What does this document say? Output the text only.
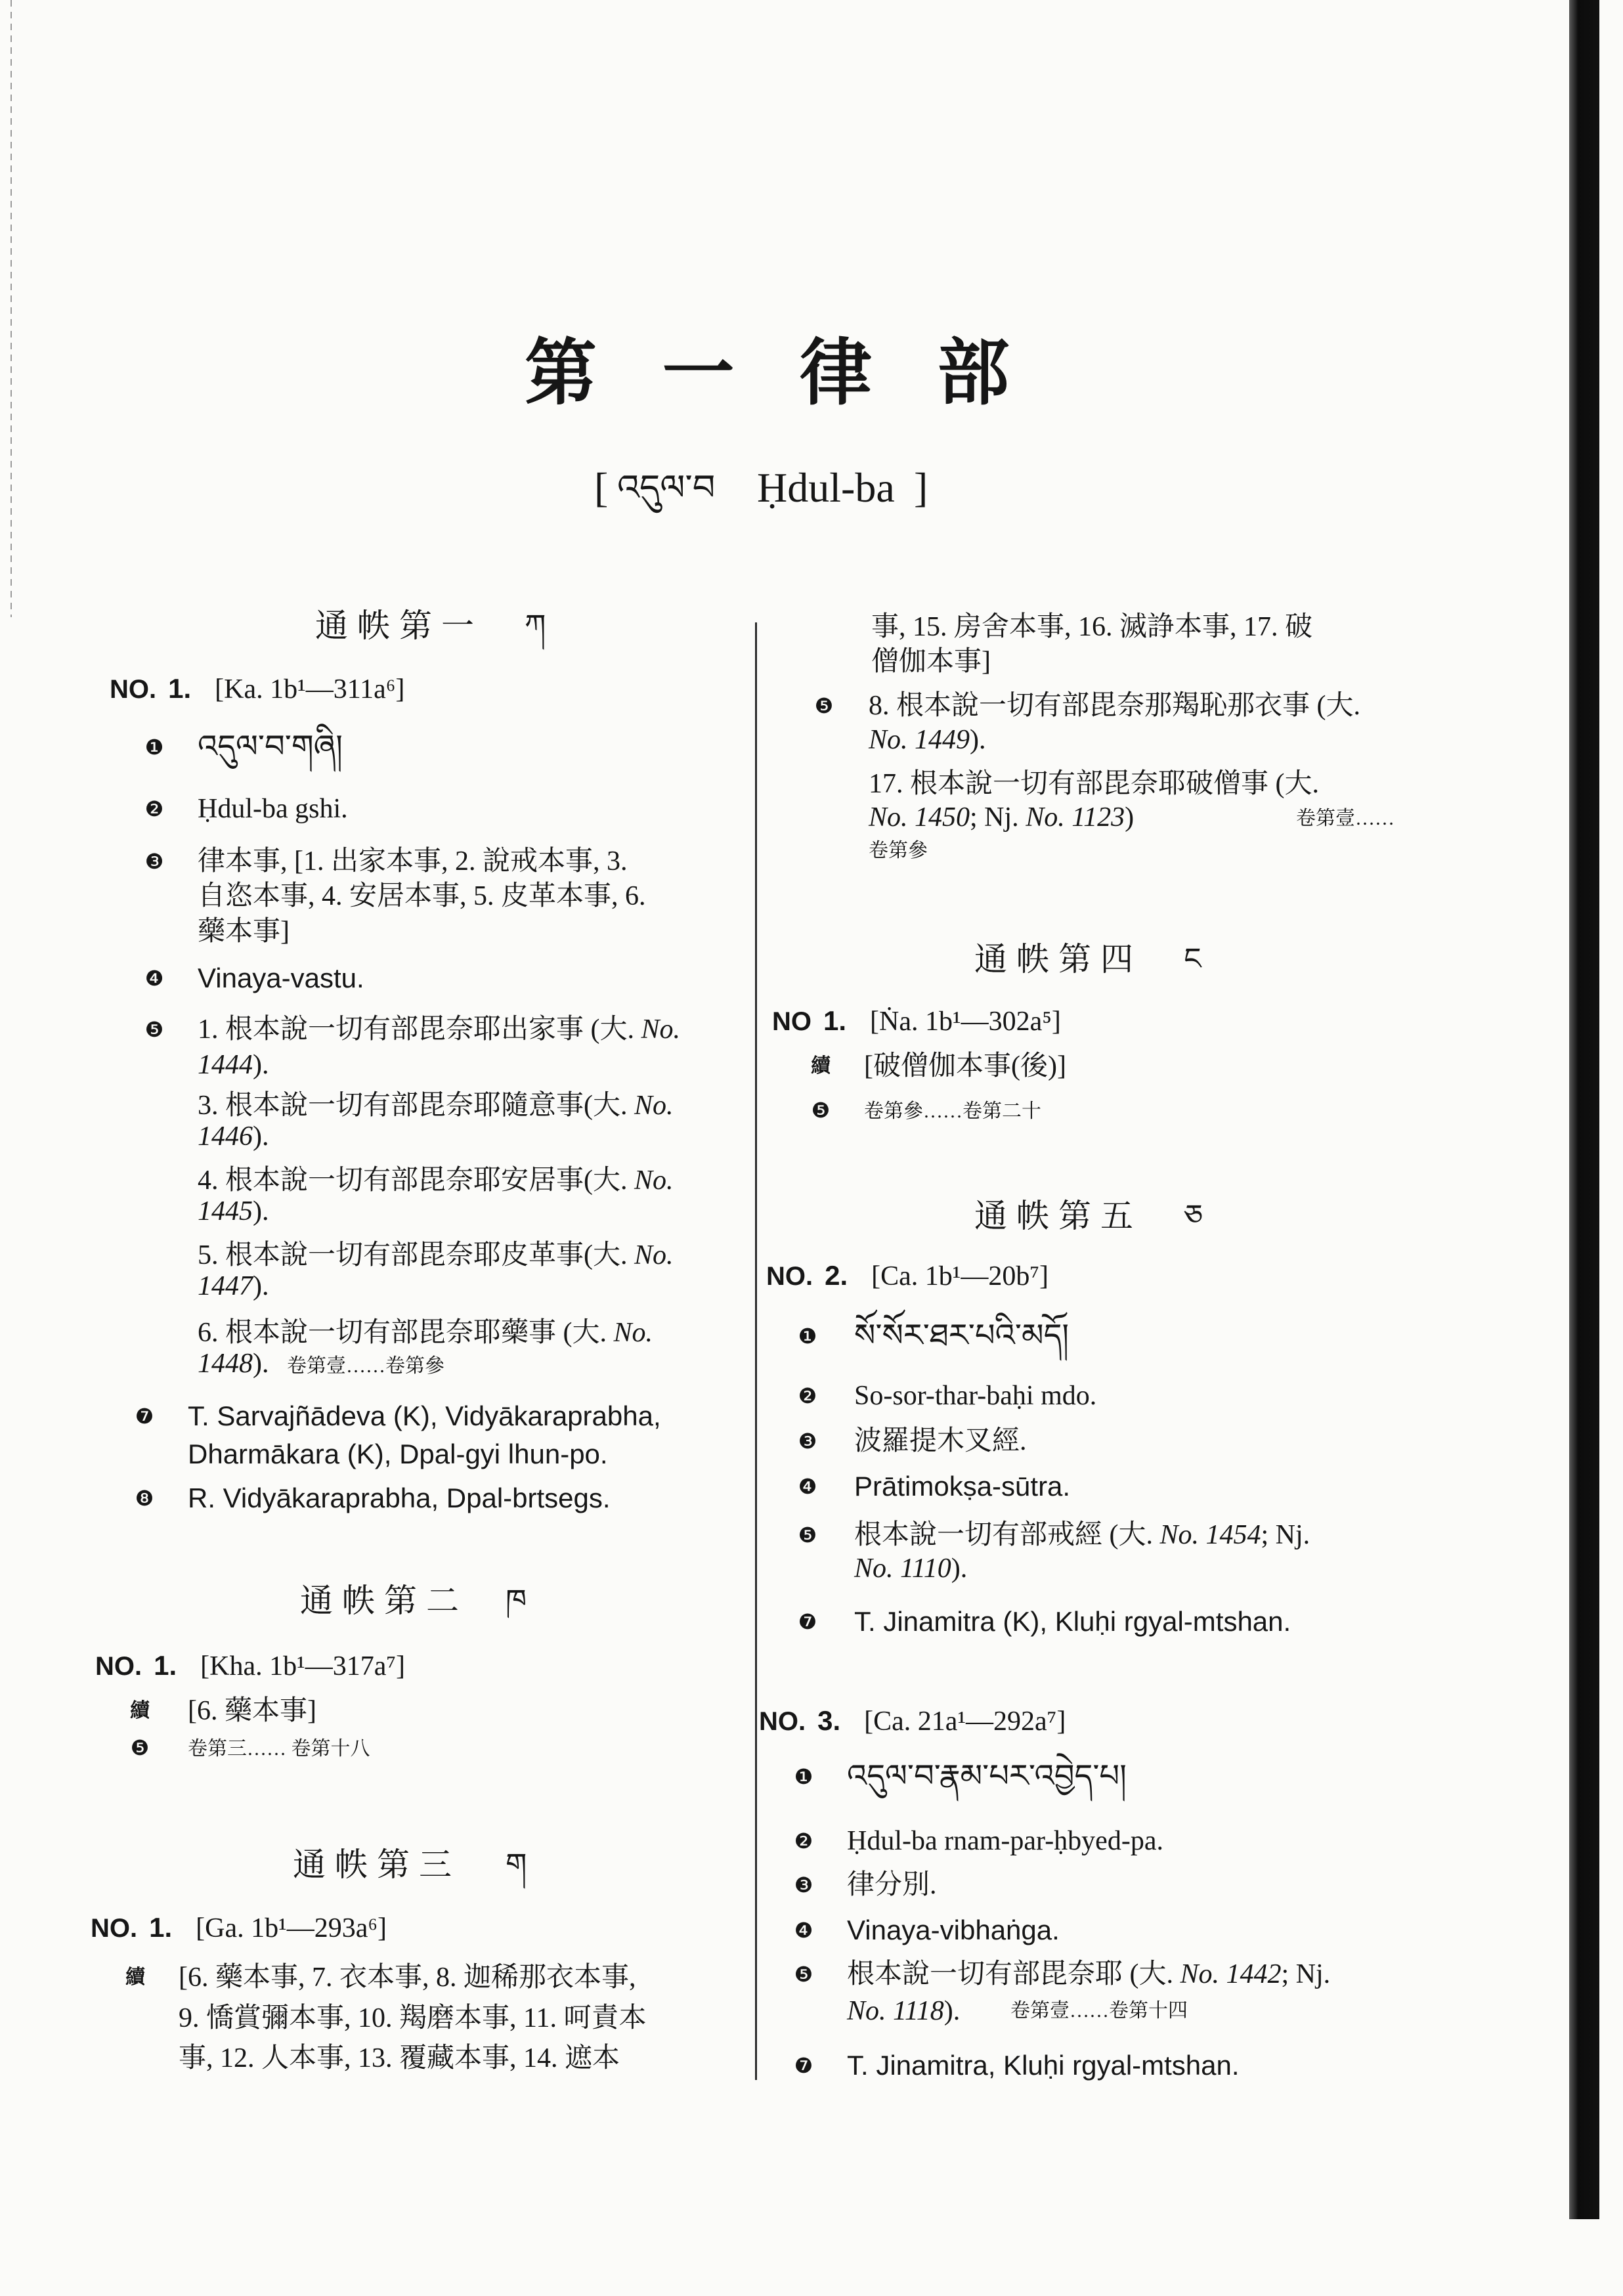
第 一 律 部
[ འདུལ་བ Ḥdul-ba ]
通帙第一 ཀ
NO. 1. [Ka. 1b¹—311a⁶]
❶ འདུལ་བ་གཞི།
❷ Ḥdul-ba gshi.
❸ 律本事, [1. 出家本事, 2. 說戒本事, 3.
自恣本事, 4. 安居本事, 5. 皮革本事, 6.
藥本事]
❹ Vinaya-vastu.
❺ 1. 根本說一切有部毘奈耶出家事 (大. No.
1444).
3. 根本說一切有部毘奈耶隨意事(大. No.
1446).
4. 根本說一切有部毘奈耶安居事(大. No.
1445).
5. 根本說一切有部毘奈耶皮革事(大. No.
1447).
6. 根本說一切有部毘奈耶藥事 (大. No.
1448). 卷第壹……卷第參
❼ T. Sarvajñādeva (K), Vidyākaraprabha,
Dharmākara (K), Dpal-gyi lhun-po.
❽ R. Vidyākaraprabha, Dpal-brtsegs.
通帙第二 ཁ
NO. 1. [Kha. 1b¹—317a⁷]
續 [6. 藥本事]
❺ 卷第三…… 卷第十八
通帙第三 ག
NO. 1. [Ga. 1b¹—293a⁶]
續 [6. 藥本事, 7. 衣本事, 8. 迦稀那衣本事,
9. 憍賞彌本事, 10. 羯磨本事, 11. 呵責本
事, 12. 人本事, 13. 覆藏本事, 14. 遮本
事, 15. 房舍本事, 16. 滅諍本事, 17. 破
僧伽本事]
❺ 8. 根本說一切有部毘奈那羯恥那衣事 (大.
No. 1449).
17. 根本說一切有部毘奈耶破僧事 (大.
No. 1450; Nj. No. 1123)	卷第壹……
卷第參
通帙第四 ང
NO 1. [Ṅa. 1b¹—302a⁵]
續 [破僧伽本事(後)]
❺ 卷第參……卷第二十
通帙第五 ཅ
NO. 2. [Ca. 1b¹—20b⁷]
❶ སོ་སོར་ཐར་པའི་མདོ།
❷ So-sor-thar-baḥi mdo.
❸ 波羅提木叉經.
❹ Prātimokṣa-sūtra.
❺ 根本說一切有部戒經 (大. No. 1454; Nj.
No. 1110).
❼ T. Jinamitra (K), Kluḥi rgyal-mtshan.
NO. 3. [Ca. 21a¹—292a⁷]
❶ འདུལ་བ་རྣམ་པར་འབྱེད་པ།
❷ Ḥdul-ba rnam-par-ḥbyed-pa.
❸ 律分別.
❹ Vinaya-vibhaṅga.
❺ 根本說一切有部毘奈耶 (大. No. 1442; Nj.
No. 1118).	卷第壹……卷第十四
❼ T. Jinamitra, Kluḥi rgyal-mtshan.
